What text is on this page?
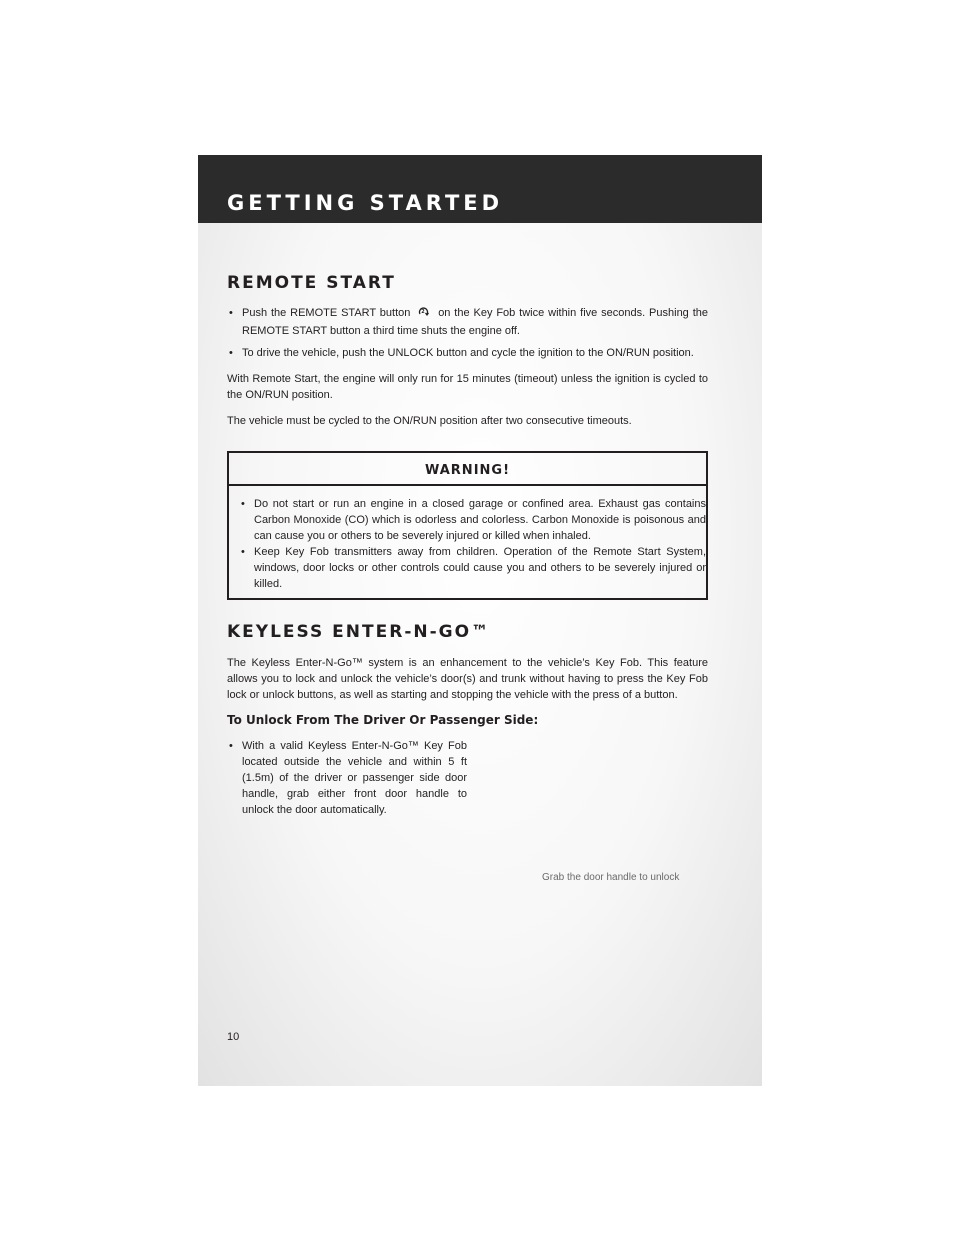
GETTING STARTED
REMOTE START
• Push the REMOTE START button 2 on the Key Fob twice within five seconds. Pushing the REMOTE START button a third time shuts the engine off.
• To drive the vehicle, push the UNLOCK button and cycle the ignition to the ON/RUN position.

With Remote Start, the engine will only run for 15 minutes (timeout) unless the ignition is cycled to the ON/RUN position.

The vehicle must be cycled to the ON/RUN position after two consecutive timeouts.

WARNING!
• Do not start or run an engine in a closed garage or confined area. Exhaust gas contains Carbon Monoxide (CO) which is odorless and colorless. Carbon Monoxide is poisonous and can cause you or others to be severely injured or killed when inhaled.
• Keep Key Fob transmitters away from children. Operation of the Remote Start System, windows, door locks or other controls could cause you and others to be severely injured or killed.
KEYLESS ENTER-N-GO™

The Keyless Enter-N-Go™ system is an enhancement to the vehicle’s Key Fob. This feature allows you to lock and unlock the vehicle’s door(s) and trunk without having to press the Key Fob lock or unlock buttons, as well as starting and stopping the vehicle with the press of a button.

To Unlock From The Driver Or Passenger Side:
• With a valid Keyless Enter-N-Go™ Key Fob located outside the vehicle and within 5 ft (1.5m) of the driver or passenger side door handle, grab either front door handle to unlock the door automatically.
Grab the door handle to unlock
10
